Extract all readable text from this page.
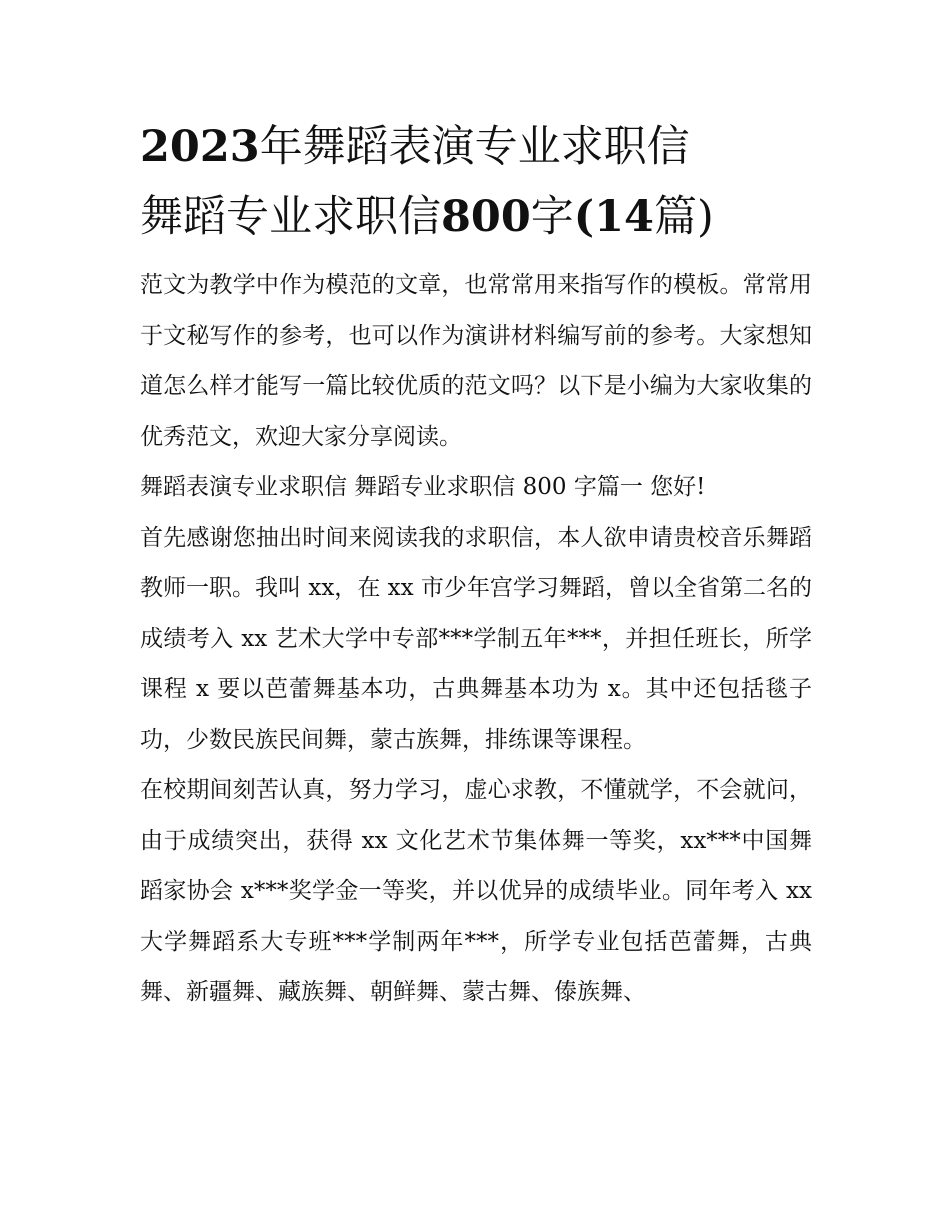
2023年舞蹈表演专业求职信
舞蹈专业求职信800字(14篇)

范文为教学中作为模范的文章，也常常用来指写作的模板。常常用于文秘写作的参考，也可以作为演讲材料编写前的参考。大家想知道怎么样才能写一篇比较优质的范文吗？以下是小编为大家收集的优秀范文，欢迎大家分享阅读。

舞蹈表演专业求职信 舞蹈专业求职信 800 字篇一 您好!

首先感谢您抽出时间来阅读我的求职信，本人欲申请贵校音乐舞蹈教师一职。我叫 xx，在 xx 市少年宫学习舞蹈，曾以全省第二名的成绩考入 xx 艺术大学中专部***学制五年***，并担任班长，所学课程 x 要以芭蕾舞基本功，古典舞基本功为 x。其中还包括毯子功，少数民族民间舞，蒙古族舞，排练课等课程。

在校期间刻苦认真，努力学习，虚心求教，不懂就学，不会就问，由于成绩突出，获得 xx 文化艺术节集体舞一等奖，xx***中国舞蹈家协会 x***奖学金一等奖，并以优异的成绩毕业。同年考入 xx 大学舞蹈系大专班***学制两年***，所学专业包括芭蕾舞，古典舞、新疆舞、藏族舞、朝鲜舞、蒙古舞、傣族舞、
